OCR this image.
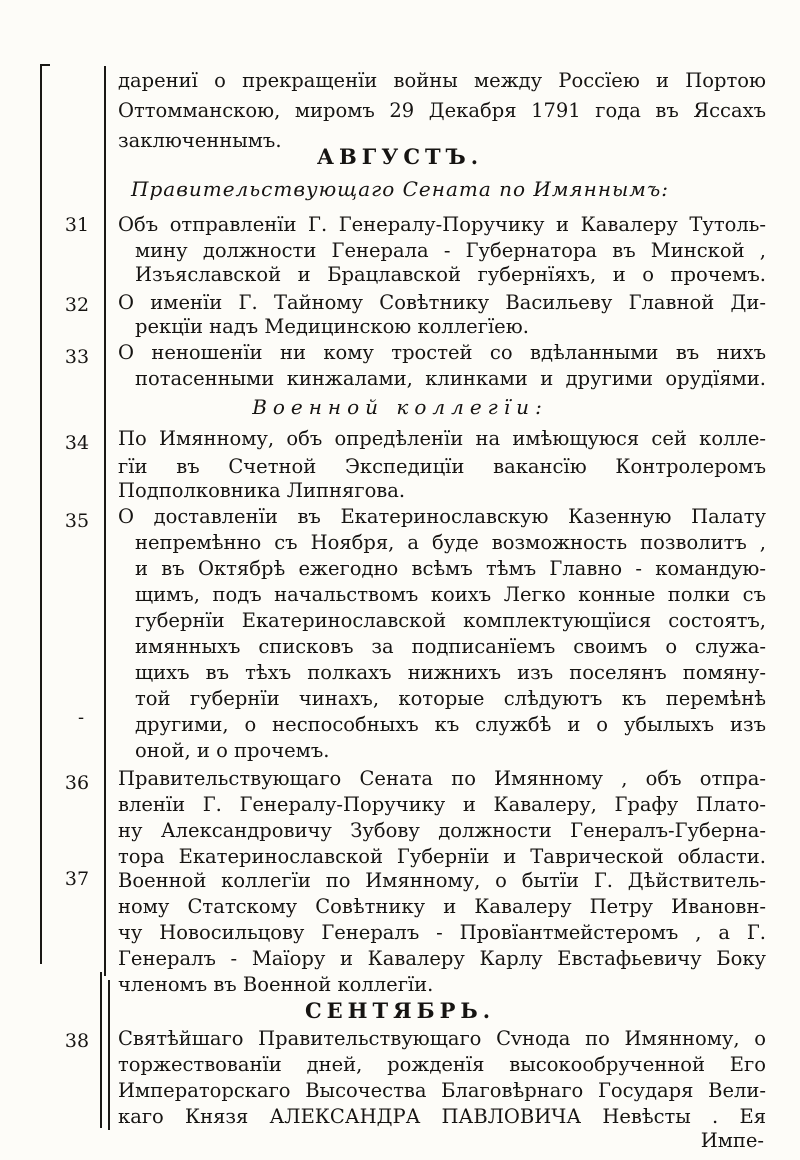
дарениї о прекращенїи войны между Россїею и Портою
Оттомманскою, миромъ 29 Декабря 1791 года въ Яссахъ
заключеннымъ.
АВГУСТЪ.
Правительствующаго Сената по Имяннымъ:
31	Объ отправленїи Г. Генералу-Поручику и Кавалеру Тутоль-
мину должности Генерала - Губернатора въ Минской ,
Изъяславской и Брацлавской губернїяхъ, и о прочемъ.
32	О именїи Г. Тайному Совѣтнику Васильеву Главной Ди-
рекцїи надъ Медицинскою коллегїею.
33	О неношенїи ни кому тростей со вдѣланными въ нихъ
потасенными кинжалами, клинками и другими орудїями.
Военной коллегїи:
34	По Имянному, объ опредѣленїи на имѣющуюся сей колле-
гїи въ Счетной Экспедицїи вакансїю Контролеромъ
Подполковника Липнягова.
35	О доставленїи въ Екатеринославскую Казенную Палату
непремѣнно съ Ноября, а буде возможность позволитъ ,
и въ Октябрѣ ежегодно всѣмъ тѣмъ Главно - командую-
щимъ, подъ начальствомъ коихъ Легко конные полки съ
губернїи Екатеринославской комплектующїися состоятъ,
имянныхъ списковъ за подписанїемъ своимъ о служа-
щихъ въ тѣхъ полкахъ нижнихъ изъ поселянъ помяну-
той губернїи чинахъ, которые слѣдуютъ къ перемѣнѣ
-	другими, о неспособныхъ къ службѣ и о убылыхъ изъ
оной, и о прочемъ.
36	Правительствующаго Сената по Имянному , объ отпра-
вленїи Г. Генералу-Поручику и Кавалеру, Графу Плато-
ну Александровичу Зубову должности Генералъ-Губерна-
тора Екатеринославской Губернїи и Таврической области.
37	Военной коллегїи по Имянному, о бытїи Г. Дѣйствитель-
ному Статскому Совѣтнику и Кавалеру Петру Ивановн-
чу Новосильцову Генералъ - Провїантмейстеромъ , а Г.
Генералъ - Маїору и Кавалеру Карлу Евстафьевичу Боку
членомъ въ Военной коллегїи.
СЕНТЯБРЬ.
38	Святѣйшаго Правительствующаго Сvнода по Имянному, о
торжествованїи дней, рожденїя высокообрученной Его
Императорскаго Высочества Благовѣрнаго Государя Вели-
каго Князя АЛЕКСАНДРА ПАВЛОВИЧА Невѣсты . Ея
Импе-
